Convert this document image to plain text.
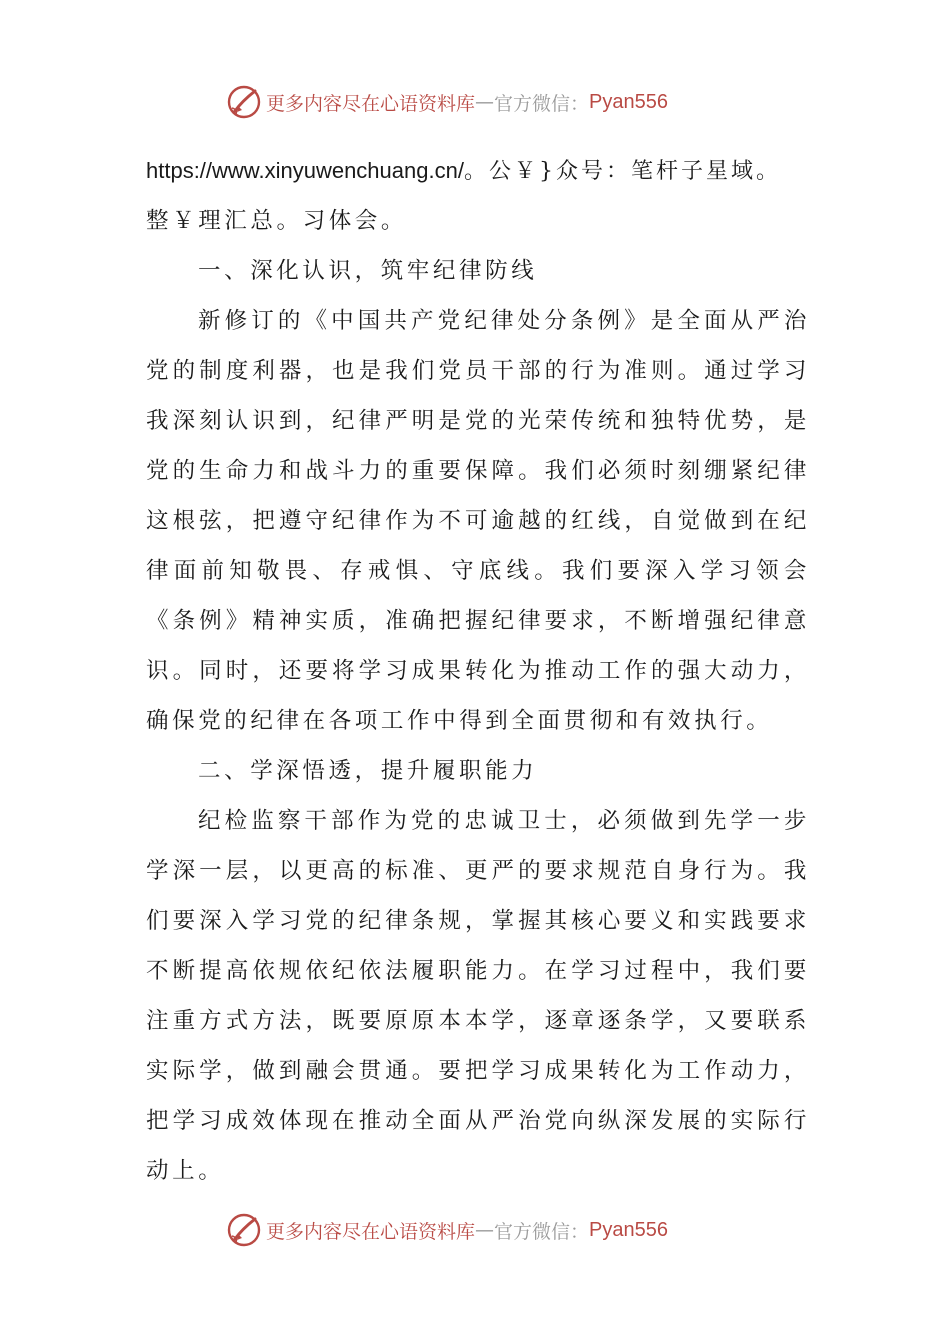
更多内容尽在心语资料库 — 官方微信： Pyan556
https://www.xinyuwenchuang.cn/。公￥}众号：笔杆子星域。
整￥理汇总。习体会。
一、深化认识，筑牢纪律防线
新修订的《中国共产党纪律处分条例》是全面从严治
党的制度利器，也是我们党员干部的行为准则。通过学习
我深刻认识到，纪律严明是党的光荣传统和独特优势，是
党的生命力和战斗力的重要保障。我们必须时刻绷紧纪律
这根弦，把遵守纪律作为不可逾越的红线，自觉做到在纪
律面前知敬畏、存戒惧、守底线。我们要深入学习领会
《条例》精神实质，准确把握纪律要求，不断增强纪律意
识。同时，还要将学习成果转化为推动工作的强大动力，
确保党的纪律在各项工作中得到全面贯彻和有效执行。
二、学深悟透，提升履职能力
纪检监察干部作为党的忠诚卫士，必须做到先学一步
学深一层，以更高的标准、更严的要求规范自身行为。我
们要深入学习党的纪律条规，掌握其核心要义和实践要求
不断提高依规依纪依法履职能力。在学习过程中，我们要
注重方式方法，既要原原本本学，逐章逐条学，又要联系
实际学，做到融会贯通。要把学习成果转化为工作动力，
把学习成效体现在推动全面从严治党向纵深发展的实际行
动上。
更多内容尽在心语资料库 — 官方微信： Pyan556
